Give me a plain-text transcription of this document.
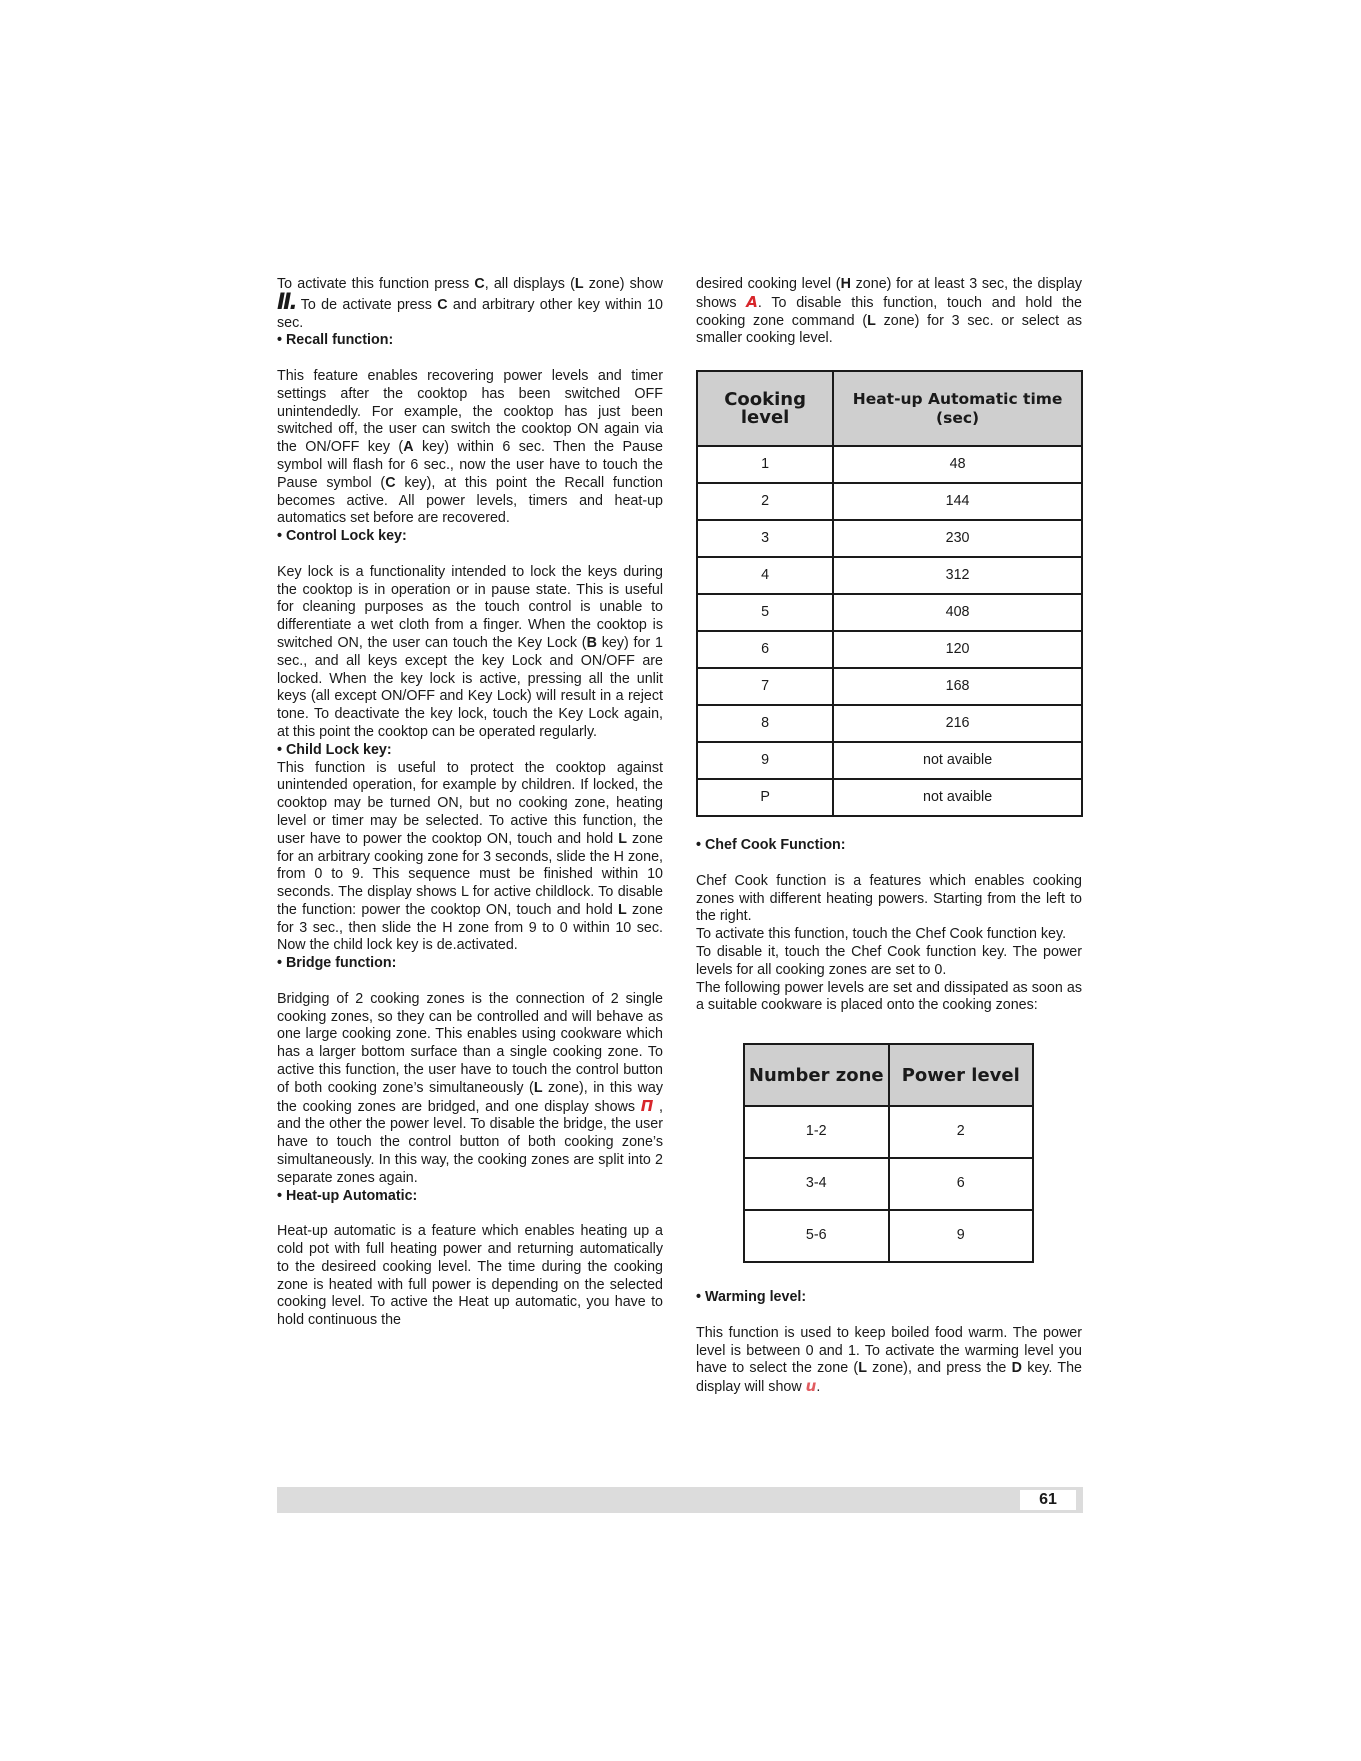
To activate this function press C, all displays (L zone) show II. To de activate press C and arbitrary other key within 10 sec.

• Recall function:

This feature enables recovering power levels and timer settings after the cooktop has been switched OFF unintendedly. For example, the cooktop has just been switched off, the user can switch the cooktop ON again via the ON/OFF key (A key) within 6 sec. Then the Pause symbol will flash for 6 sec., now the user have to touch the Pause symbol (C key), at this point the Recall function becomes active. All power levels, timers and heat-up automatics set before are recovered.

• Control Lock key:

Key lock is a functionality intended to lock the keys during the cooktop is in operation or in pause state. This is useful for cleaning purposes as the touch control is unable to differentiate a wet cloth from a finger. When the cooktop is switched ON, the user can touch the Key Lock (B key) for 1 sec., and all keys except the key Lock and ON/OFF are locked. When the key lock is active, pressing all the unlit keys (all except ON/OFF and Key Lock) will result in a reject tone. To deactivate the key lock, touch the Key Lock again, at this point the cooktop can be operated regularly.

• Child Lock key:

This function is useful to protect the cooktop against unintended operation, for example by children. If locked, the cooktop may be turned ON, but no cooking zone, heating level or timer may be selected. To active this function, the user have to power the cooktop ON, touch and hold L zone for an arbitrary cooking zone for 3 seconds, slide the H zone, from 0 to 9. This sequence must be finished within 10 seconds. The display shows L for active childlock. To disable the function: power the cooktop ON, touch and hold L zone for 3 sec., then slide the H zone from 9 to 0 within 10 sec. Now the child lock key is de.activated.

• Bridge function:

Bridging of 2 cooking zones is the connection of 2 single cooking zones, so they can be controlled and will behave as one large cooking zone. This enables using cookware which has a larger bottom surface than a single cooking zone. To active this function, the user have to touch the control button of both cooking zone’s simultaneously (L zone), in this way the cooking zones are bridged, and one display shows Π , and the other the power level. To disable the bridge, the user have to touch the control button of both cooking zone’s simultaneously. In this way, the cooking zones are split into 2 separate zones again.

• Heat-up Automatic:

Heat-up automatic is a feature which enables heating up a cold pot with full heating power and returning automatically to the desireed cooking level. The time during the cooking zone is heated with full power is depending on the selected cooking level. To active the Heat up automatic, you have to hold continuous the

desired cooking level (H zone) for at least 3 sec, the display shows A. To disable this function, touch and hold the cooking zone command (L zone) for 3 sec. or select as smaller cooking level.

Cooking level	Heat-up Automatic time (sec)
1	48
2	144
3	230
4	312
5	408
6	120
7	168
8	216
9	not avaible
P	not avaible

• Chef Cook Function:

Chef Cook function is a features which enables cooking zones with different heating powers. Starting from the left to the right.

To activate this function, touch the Chef Cook function key.

To disable it, touch the Chef Cook function key. The power levels for all cooking zones are set to 0.

The following power levels are set and dissipated as soon as a suitable cookware is placed onto the cooking zones:

Number zone	Power level
1-2	2
3-4	6
5-6	9

• Warming level:

This function is used to keep boiled food warm. The power level is between 0 and 1. To activate the warming level you have to select the zone (L zone), and press the D key. The display will show u.

61
